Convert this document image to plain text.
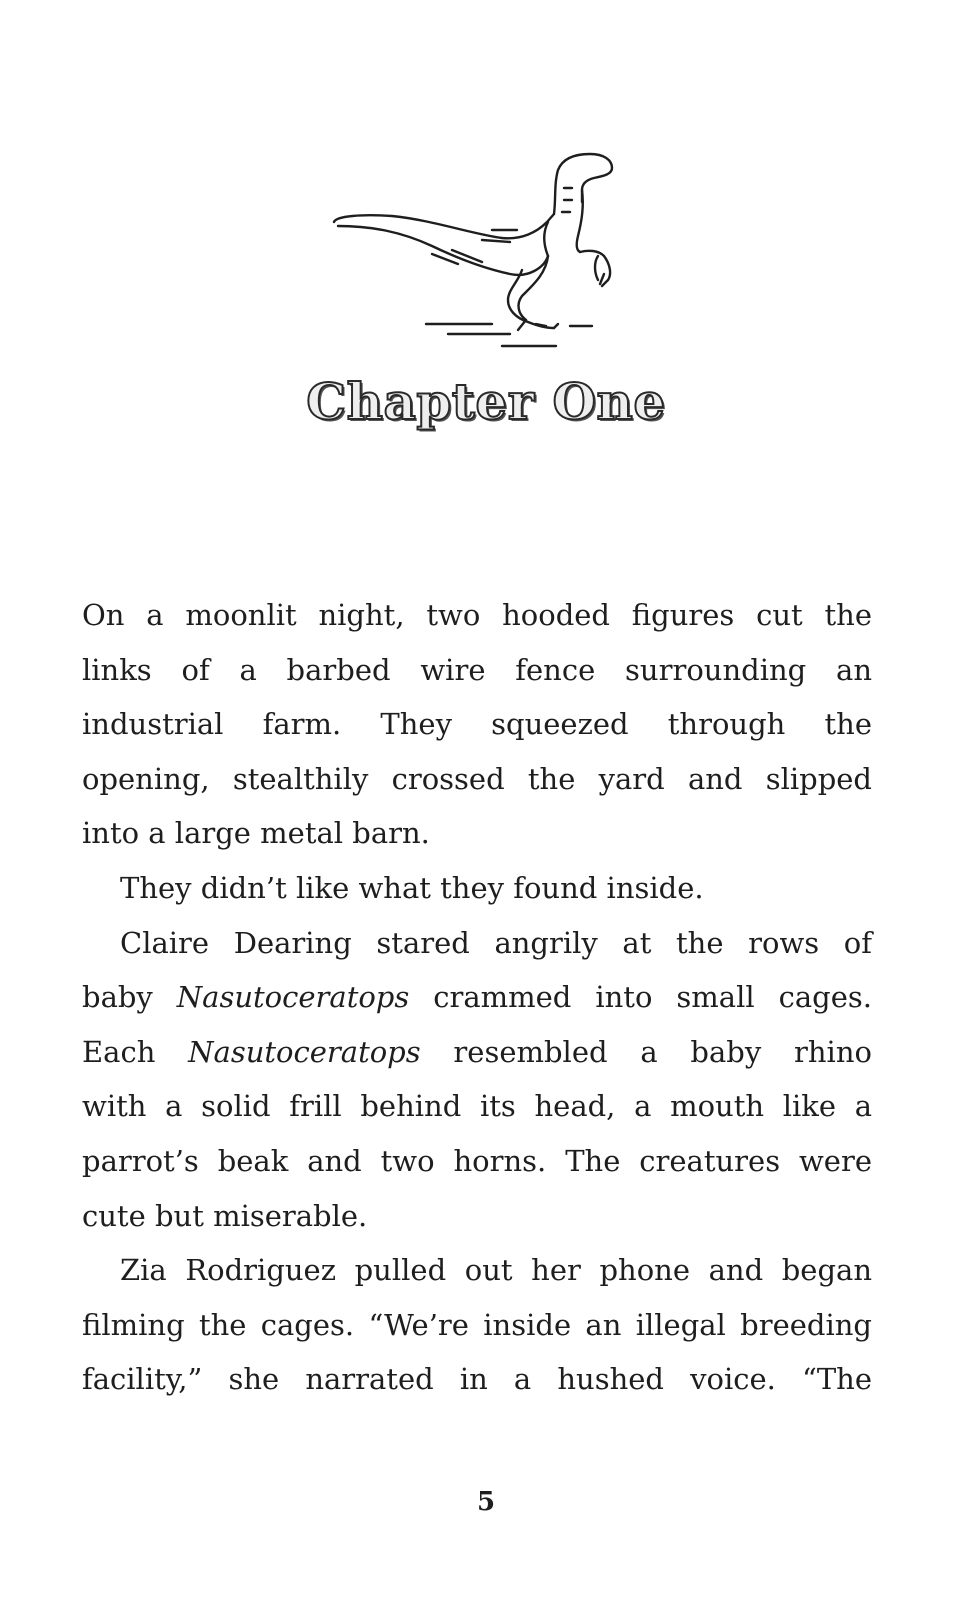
Chapter One

On a moonlit night, two hooded figures cut the
links of a barbed wire fence surrounding an
industrial farm. They squeezed through the
opening, stealthily crossed the yard and slipped
into a large metal barn.

They didn’t like what they found inside.

Claire Dearing stared angrily at the rows of
baby Nasutoceratops crammed into small cages.
Each Nasutoceratops resembled a baby rhino
with a solid frill behind its head, a mouth like a
parrot’s beak and two horns. The creatures were
cute but miserable.

Zia Rodriguez pulled out her phone and began
filming the cages. “We’re inside an illegal breeding
facility,” she narrated in a hushed voice. “The

5
